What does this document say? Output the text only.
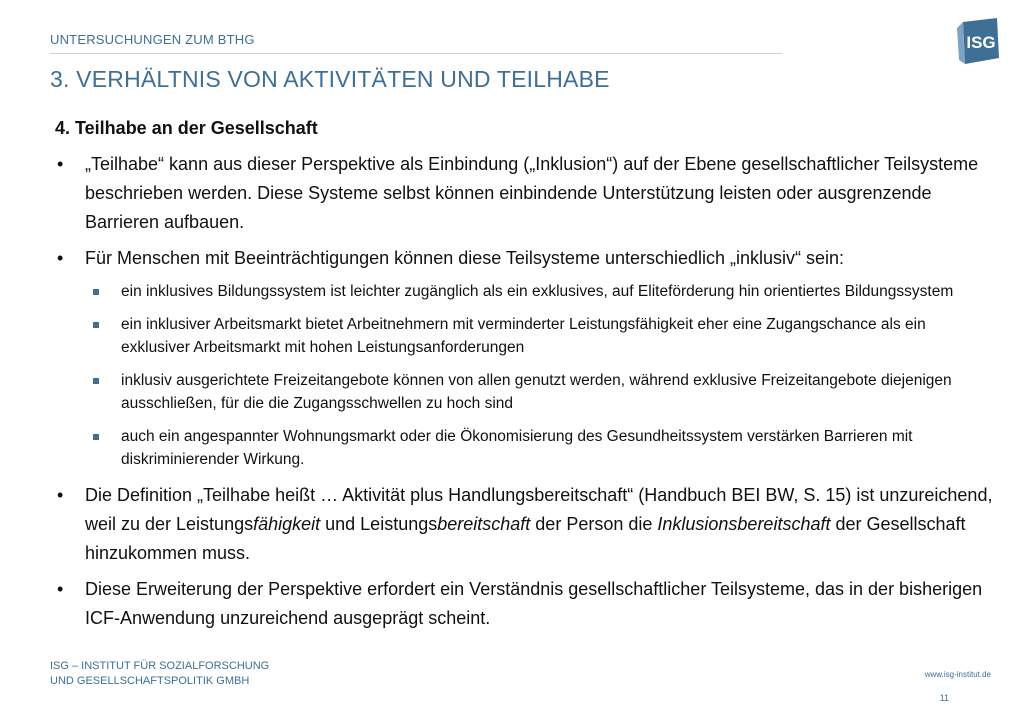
UNTERSUCHUNGEN ZUM BTHG
3. VERHÄLTNIS VON AKTIVITÄTEN UND TEILHABE
ISG
4. Teilhabe an der Gesellschaft
• „Teilhabe“ kann aus dieser Perspektive als Einbindung („Inklusion“) auf der Ebene gesellschaftlicher Teilsysteme beschrieben werden. Diese Systeme selbst können einbindende Unterstützung leisten oder ausgrenzende Barrieren aufbauen.
• Für Menschen mit Beeinträchtigungen können diese Teilsysteme unterschiedlich „inklusiv“ sein:
ein inklusives Bildungssystem ist leichter zugänglich als ein exklusives, auf Eliteförderung hin orientiertes Bildungssystem
ein inklusiver Arbeitsmarkt bietet Arbeitnehmern mit verminderter Leistungsfähigkeit eher eine Zugangschance als ein exklusiver Arbeitsmarkt mit hohen Leistungsanforderungen
inklusiv ausgerichtete Freizeitangebote können von allen genutzt werden, während exklusive Freizeitangebote diejenigen ausschließen, für die die Zugangsschwellen zu hoch sind
auch ein angespannter Wohnungsmarkt oder die Ökonomisierung des Gesundheitssystem verstärken Barrieren mit diskriminierender Wirkung.
• Die Definition „Teilhabe heißt … Aktivität plus Handlungsbereitschaft“ (Handbuch BEI BW, S. 15) ist unzureichend, weil zu der Leistungsfähigkeit und Leistungsbereitschaft der Person die Inklusionsbereitschaft der Gesellschaft hinzukommen muss.
• Diese Erweiterung der Perspektive erfordert ein Verständnis gesellschaftlicher Teilsysteme, das in der bisherigen ICF-Anwendung unzureichend ausgeprägt scheint.
ISG – INSTITUT FÜR SOZIALFORSCHUNG
UND GESELLSCHAFTSPOLITIK GMBH
www.isg-institut.de
11
